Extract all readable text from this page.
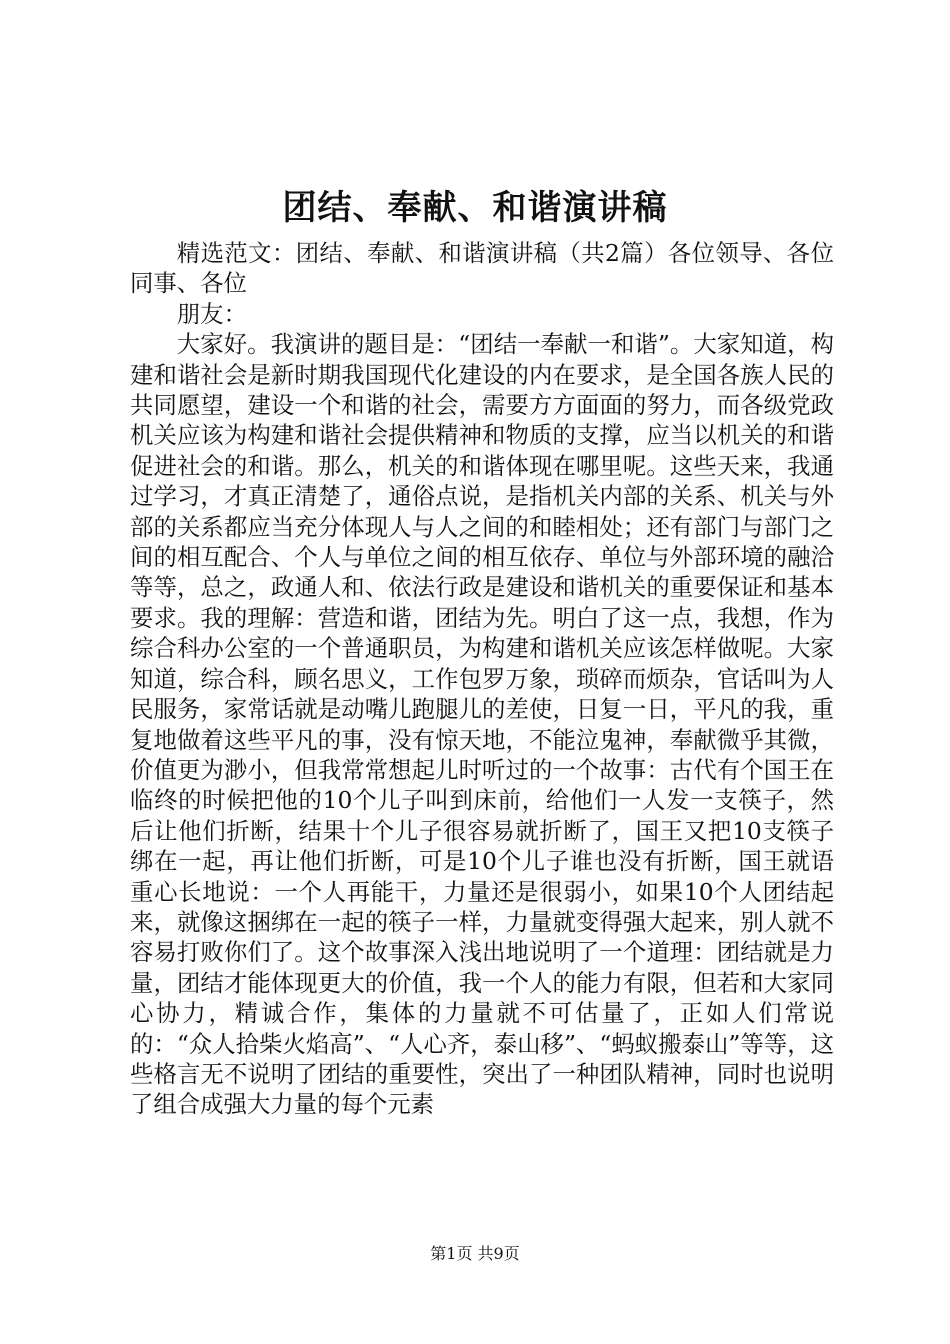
团结、奉献、和谐演讲稿

精选范文：团结、奉献、和谐演讲稿（共2篇）各位领导、各位同事、各位

朋友：

大家好。我演讲的题目是：“团结一奉献一和谐”。大家知道，构建和谐社会是新时期我国现代化建设的内在要求，是全国各族人民的共同愿望，建设一个和谐的社会，需要方方面面的努力，而各级党政机关应该为构建和谐社会提供精神和物质的支撑，应当以机关的和谐促进社会的和谐。那么，机关的和谐体现在哪里呢。这些天来，我通过学习，才真正清楚了，通俗点说，是指机关内部的关系、机关与外部的关系都应当充分体现人与人之间的和睦相处；还有部门与部门之间的相互配合、个人与单位之间的相互依存、单位与外部环境的融洽等等，总之，政通人和、依法行政是建设和谐机关的重要保证和基本要求。我的理解：营造和谐，团结为先。明白了这一点，我想，作为综合科办公室的一个普通职员，为构建和谐机关应该怎样做呢。大家知道，综合科，顾名思义，工作包罗万象，琐碎而烦杂，官话叫为人民服务，家常话就是动嘴儿跑腿儿的差使，日复一日，平凡的我，重复地做着这些平凡的事，没有惊天地，不能泣鬼神，奉献微乎其微，价值更为渺小，但我常常想起儿时听过的一个故事：古代有个国王在临终的时候把他的10个儿子叫到床前，给他们一人发一支筷子，然后让他们折断，结果十个儿子很容易就折断了，国王又把10支筷子绑在一起，再让他们折断，可是10个儿子谁也没有折断，国王就语重心长地说：一个人再能干，力量还是很弱小，如果10个人团结起来，就像这捆绑在一起的筷子一样，力量就变得强大起来，别人就不容易打败你们了。这个故事深入浅出地说明了一个道理：团结就是力量，团结才能体现更大的价值，我一个人的能力有限，但若和大家同心协力，精诚合作，集体的力量就不可估量了，正如人们常说的：“众人拾柴火焰高”、“人心齐，泰山移”、“蚂蚁搬泰山”等等，这些格言无不说明了团结的重要性，突出了一种团队精神，同时也说明了组合成强大力量的每个元素

第1页 共9页
